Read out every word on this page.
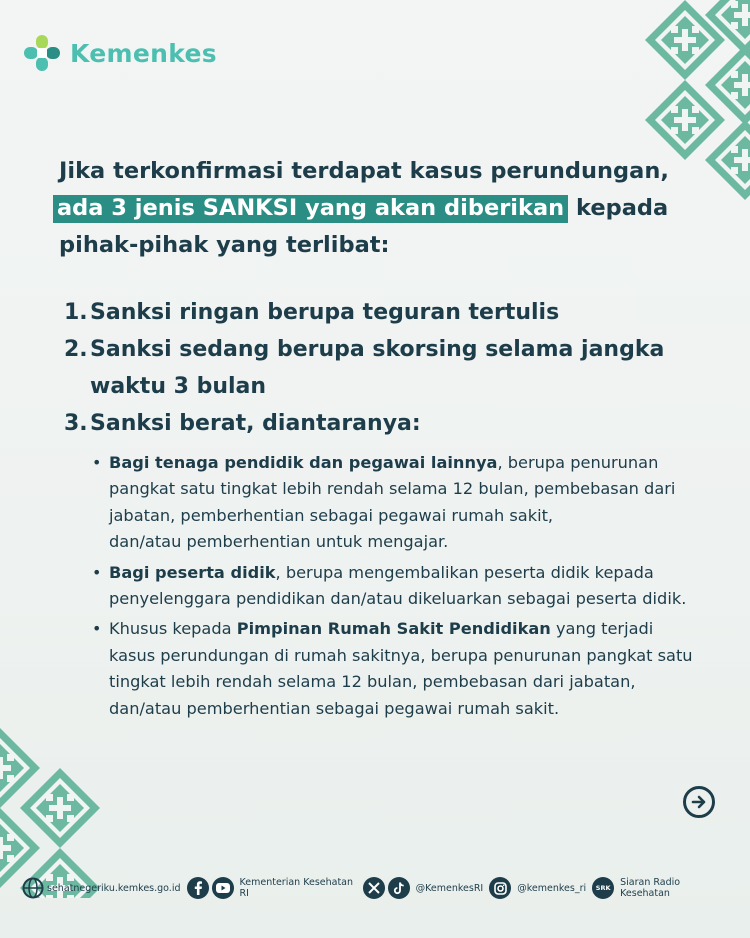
Kemenkes

Jika terkonfirmasi terdapat kasus perundungan,
ada 3 jenis SANKSI yang akan diberikan kepada pihak-pihak yang terlibat:

1. Sanksi ringan berupa teguran tertulis
2. Sanksi sedang berupa skorsing selama jangka waktu 3 bulan
3. Sanksi berat, diantaranya:
• Bagi tenaga pendidik dan pegawai lainnya, berupa penurunan pangkat satu tingkat lebih rendah selama 12 bulan, pembebasan dari jabatan, pemberhentian sebagai pegawai rumah sakit,
dan/atau pemberhentian untuk mengajar.
• Bagi peserta didik, berupa mengembalikan peserta didik kepada penyelenggara pendidikan dan/atau dikeluarkan sebagai peserta didik.
• Khusus kepada Pimpinan Rumah Sakit Pendidikan yang terjadi kasus perundungan di rumah sakitnya, berupa penurunan pangkat satu tingkat lebih rendah selama 12 bulan, pembebasan dari jabatan, dan/atau pemberhentian sebagai pegawai rumah sakit.
sehatnegeriku.kemkes.go.id	Kementerian Kesehatan RI	@KemenkesRI	@kemenkes_ri SRK Siaran Radio Kesehatan
